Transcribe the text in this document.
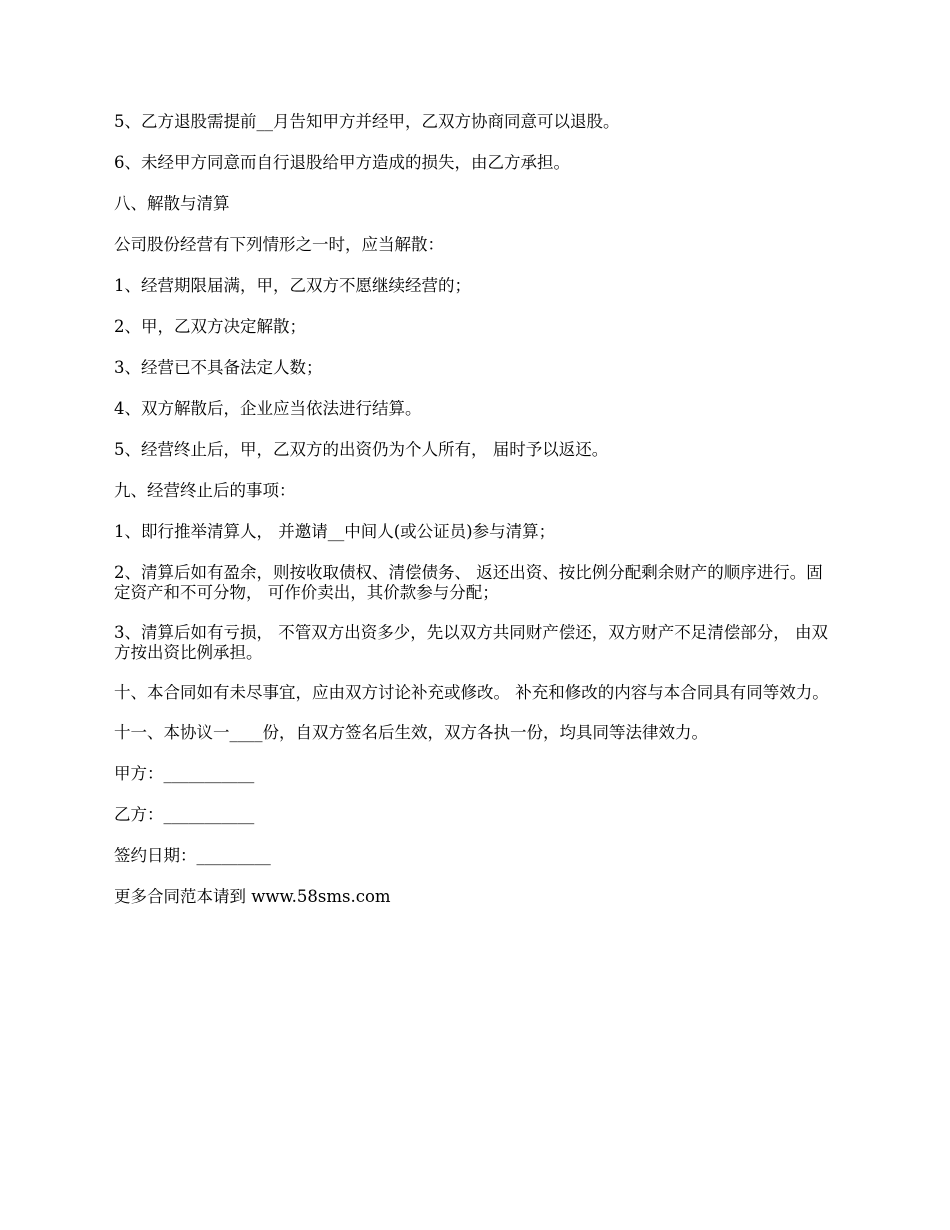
5、乙方退股需提前__月告知甲方并经甲，乙双方协商同意可以退股。

6、未经甲方同意而自行退股给甲方造成的损失，由乙方承担。

八、解散与清算

公司股份经营有下列情形之一时，应当解散：

1、经营期限届满，甲，乙双方不愿继续经营的；

2、甲，乙双方决定解散；

3、经营已不具备法定人数；

4、双方解散后，企业应当依法进行结算。

5、经营终止后，甲，乙双方的出资仍为个人所有， 届时予以返还。

九、经营终止后的事项：

1、即行推举清算人， 并邀请__中间人(或公证员)参与清算；

2、清算后如有盈余，则按收取债权、清偿债务、 返还出资、按比例分配剩余财产的顺序进行。固定资产和不可分物， 可作价卖出，其价款参与分配；

3、清算后如有亏损， 不管双方出资多少，先以双方共同财产偿还，双方财产不足清偿部分， 由双方按出资比例承担。

十、本合同如有未尽事宜，应由双方讨论补充或修改。 补充和修改的内容与本合同具有同等效力。

十一、本协议一____份，自双方签名后生效，双方各执一份，均具同等法律效力。

甲方：___________

乙方：___________

签约日期：_________

更多合同范本请到 www.58sms.com
